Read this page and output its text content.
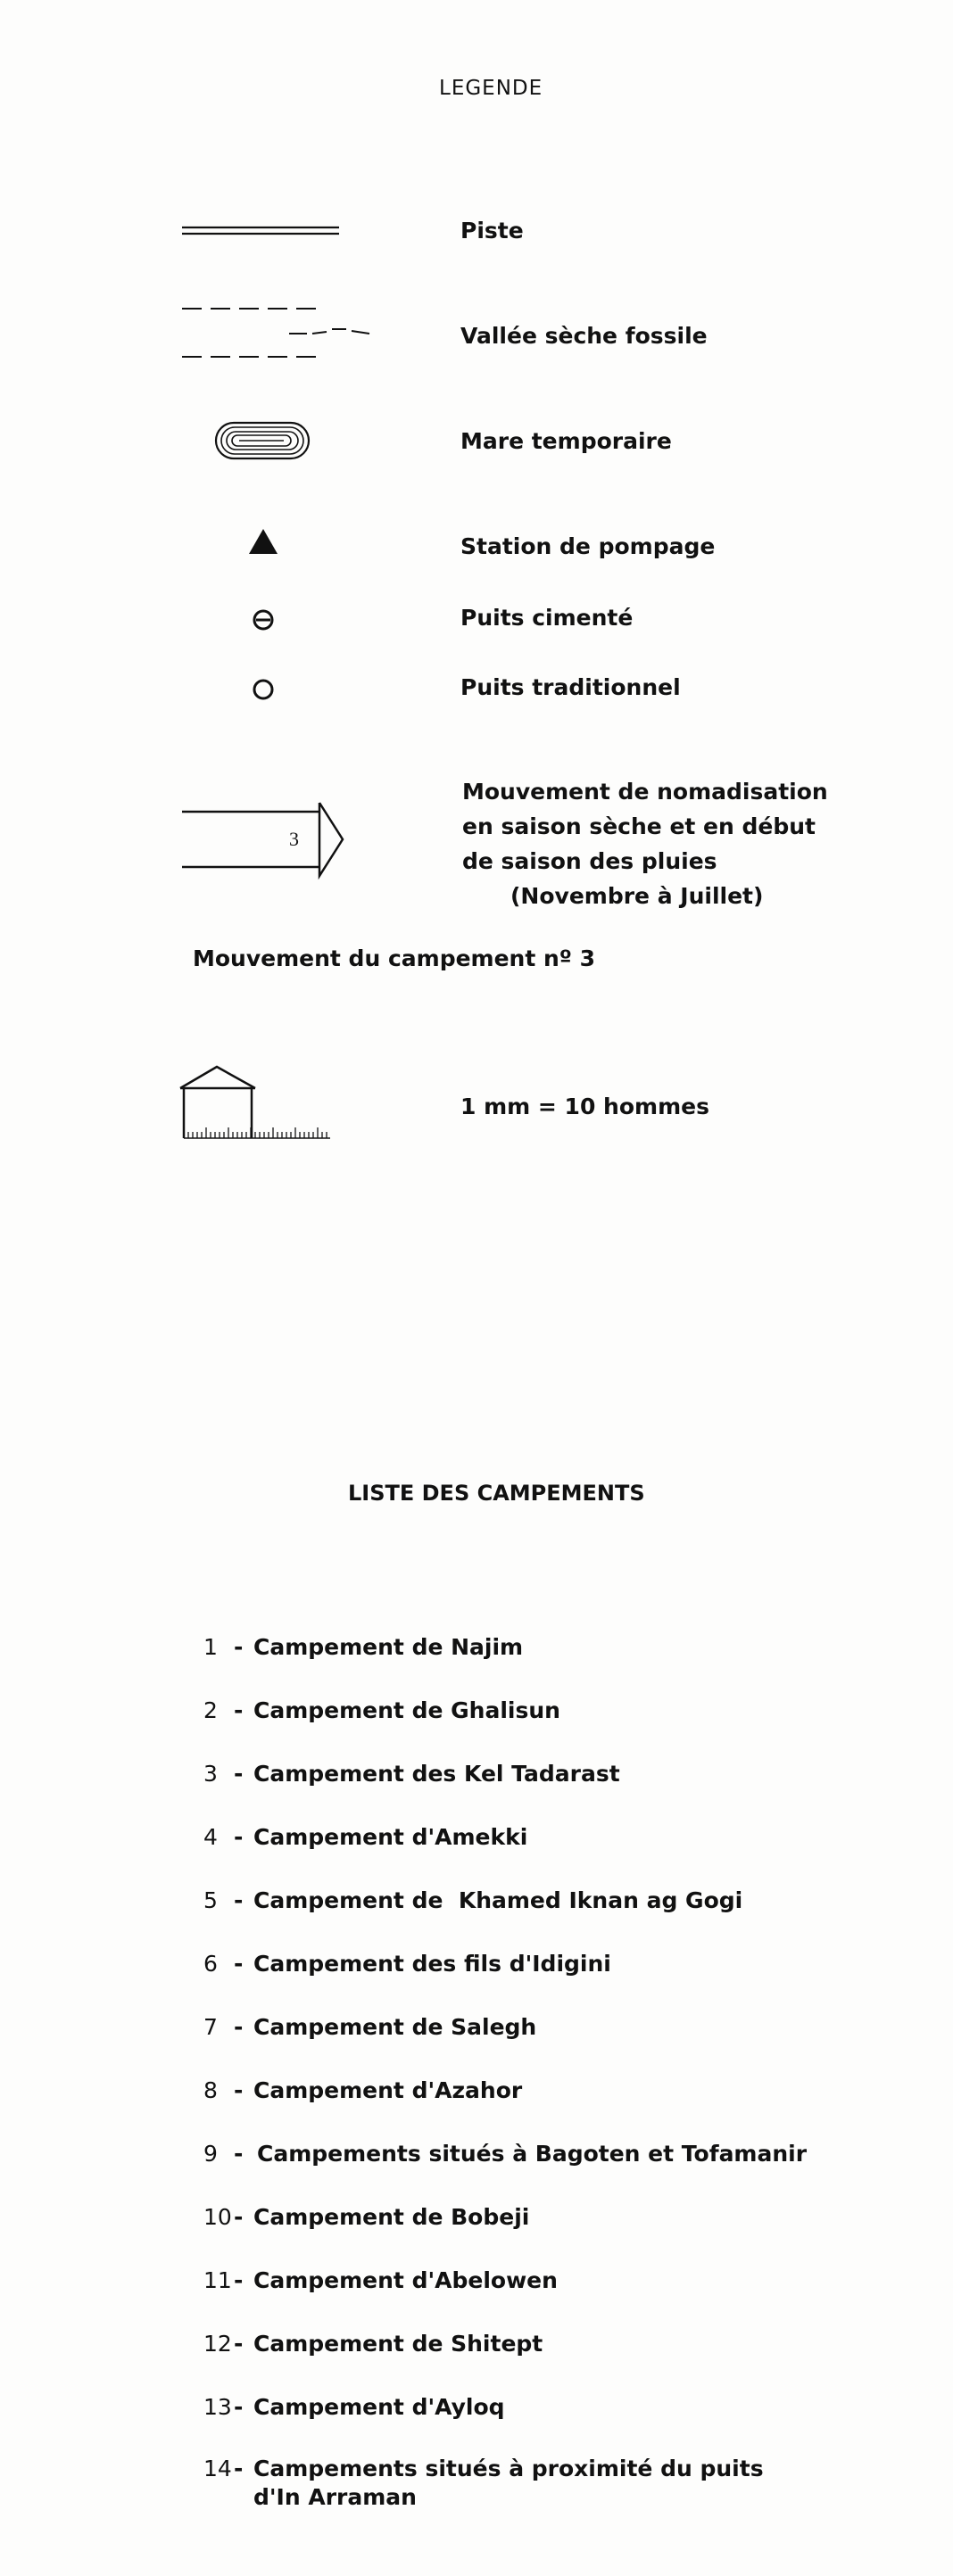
LEGENDE
Piste
Vallée sèche fossile
Mare temporaire
Station de pompage
Puits cimenté
Puits traditionnel
3
Mouvement de nomadisation
en saison sèche et en début
de saison des pluies
(Novembre à Juillet)
Mouvement du campement nº 3
1 mm = 10 hommes
LISTE DES CAMPEMENTS
1 - Campement de Najim
2 - Campement de Ghalisun
3 - Campement des Kel Tadarast
4 - Campement d'Amekki
5 - Campement de  Khamed Iknan ag Gogi
6 - Campement des fils d'Idigini
7 - Campement de Salegh
8 - Campement d'Azahor
9 - Campements situés à Bagoten et Tofamanir
10- Campement de Bobeji
11- Campement d'Abelowen
12- Campement de Shitept
13- Campement d'Ayloq
14- Campements situés à proximité du puits
d'In Arraman
